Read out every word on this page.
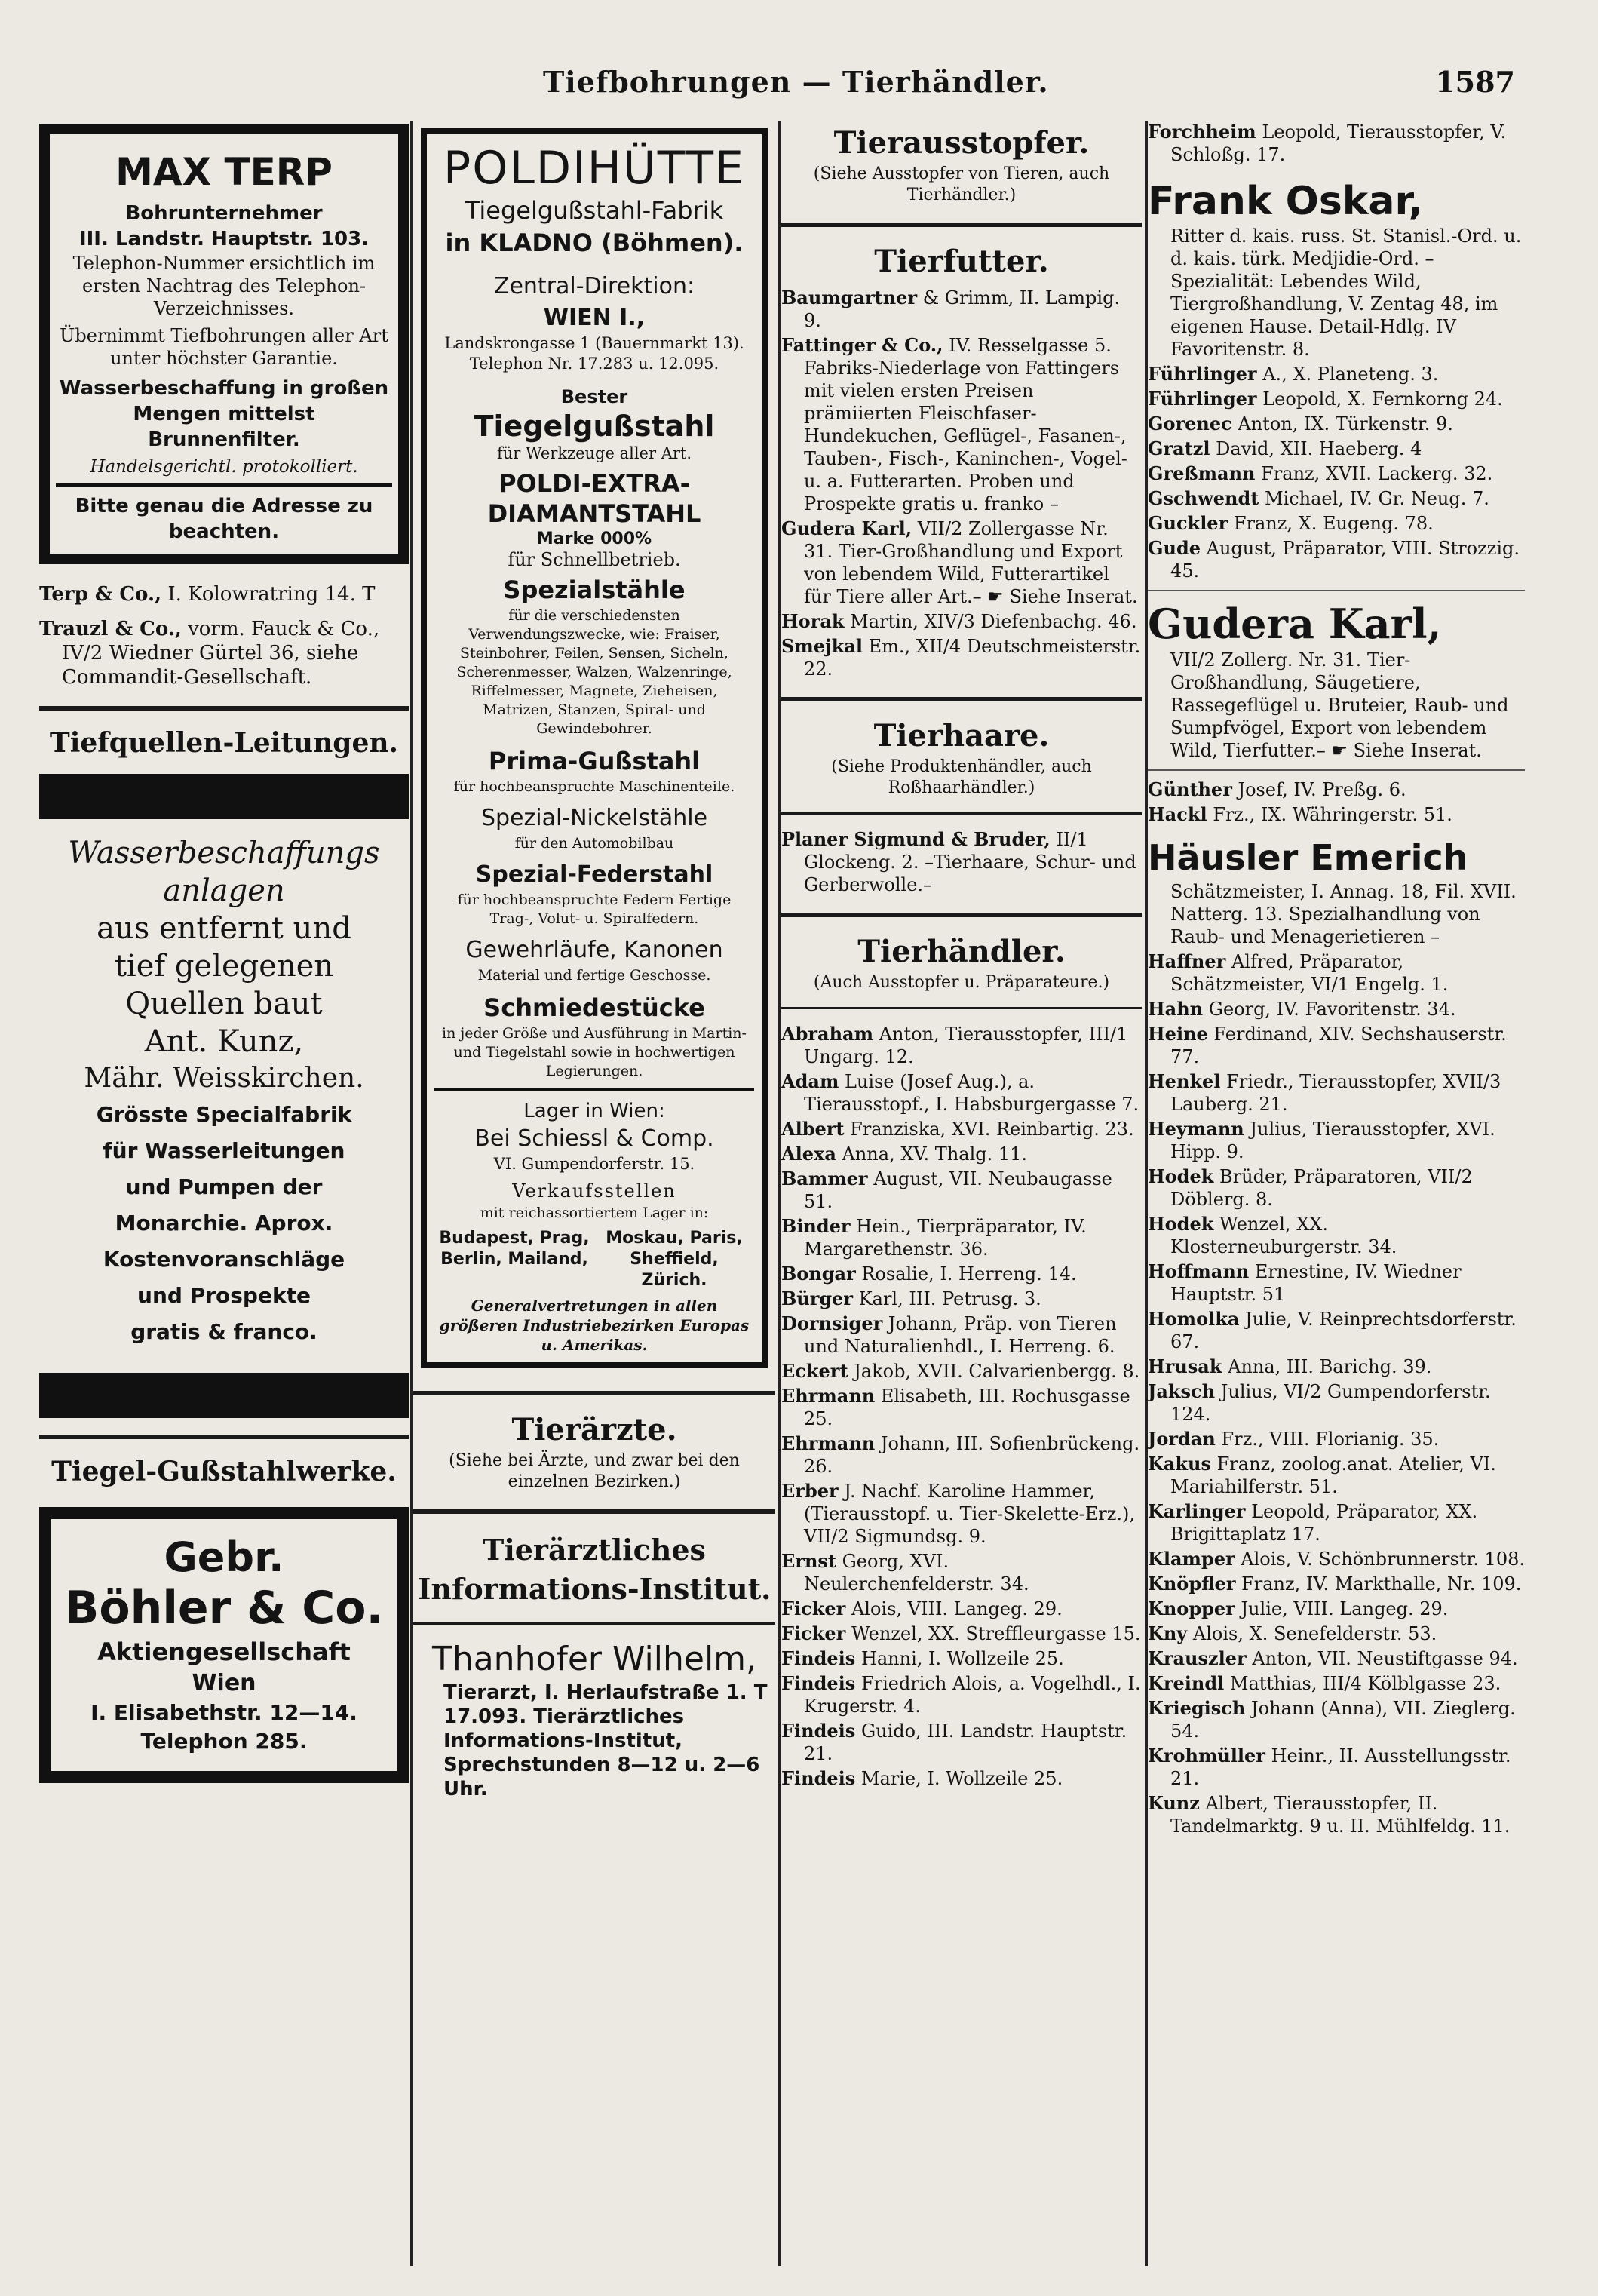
Tiefbohrungen — Tierhändler.	1587
MAX TERP
Bohrunternehmer
III. Landstr. Hauptstr. 103.
Telephon-Nummer ersichtlich im ersten Nachtrag des Telephon-Verzeichnisses.
Übernimmt Tiefbohrungen aller Art unter höchster Garantie.
Wasserbeschaffung in großen Mengen mittelst Brunnenfilter.
Handelsgerichtl. protokolliert.
Bitte genau die Adresse zu beachten.
Terp & Co., I. Kolowratring 14. T
Trauzl & Co., vorm. Fauck & Co., IV/2 Wiedner Gürtel 36, siehe Commandit-Gesellschaft.
Tiefquellen-Leitungen.
Wasserbeschaffungs anlagen
aus entfernt und
tief gelegenen
Quellen baut
Ant. Kunz,
Mähr. Weisskirchen.
Grösste Specialfabrik
für Wasserleitungen
und Pumpen der
Monarchie. Aprox.
Kostenvoranschläge
und Prospekte
gratis & franco.
Tiegel-Gußstahlwerke.
Gebr.
Böhler & Co.
Aktiengesellschaft
Wien
I. Elisabethstr. 12—14.
Telephon 285.
POLDIHÜTTE
Tiegelgußstahl-Fabrik
in KLADNO (Böhmen).
Zentral-Direktion:
WIEN I.,
Landskrongasse 1 (Bauernmarkt 13).
Telephon Nr. 17.283 u. 12.095.
Bester
Tiegelgußstahl
für Werkzeuge aller Art.
POLDI-EXTRA-
DIAMANTSTAHL
Marke 000%
für Schnellbetrieb.
Spezialstähle
für die verschiedensten Verwendungszwecke, wie: Fraiser, Steinbohrer, Feilen, Sensen, Sicheln, Scherenmesser, Walzen, Walzenringe, Riffelmesser, Magnete, Zieheisen, Matrizen, Stanzen, Spiral- und Gewindebohrer.
Prima-Gußstahl
für hochbeanspruchte Maschinenteile.
Spezial-Nickelstähle
für den Automobilbau
Spezial-Federstahl
für hochbeanspruchte Federn Fertige Trag-, Volut- u. Spiralfedern.
Gewehrläufe, Kanonen
Material und fertige Geschosse.
Schmiedestücke
in jeder Größe und Ausführung in Martin- und Tiegelstahl sowie in hochwertigen Legierungen.
Lager in Wien:
Bei Schiessl & Comp.
VI. Gumpendorferstr. 15.
Verkaufsstellen
mit reichassortiertem Lager in:
Budapest, Prag, Berlin, Mailand,
Moskau, Paris, Sheffield, Zürich.
Generalvertretungen in allen größeren Industriebezirken Europas u. Amerikas.
Tierärzte.
(Siehe bei Ärzte, und zwar bei den einzelnen Bezirken.)
Tierärztliches Informations-Institut.
Thanhofer Wilhelm,
Tierarzt, I. Herlaufstraße 1. T 17.093. Tierärztliches Informations-Institut, Sprechstunden 8—12 u. 2—6 Uhr.
Tierausstopfer.
(Siehe Ausstopfer von Tieren, auch Tierhändler.)
Tierfutter.
Baumgartner & Grimm, II. Lampig. 9.
Fattinger & Co., IV. Resselgasse 5. Fabriks-Niederlage von Fattingers mit vielen ersten Preisen prämiierten Fleischfaser-Hundekuchen, Geflügel-, Fasanen-, Tauben-, Fisch-, Kaninchen-, Vogel- u. a. Futterarten. Proben und Prospekte gratis u. franko –
Gudera Karl, VII/2 Zollergasse Nr. 31. Tier-Großhandlung und Export von lebendem Wild, Futterartikel für Tiere aller Art.– ☛ Siehe Inserat.
Horak Martin, XIV/3 Diefenbachg. 46.
Smejkal Em., XII/4 Deutschmeisterstr. 22.
Tierhaare.
(Siehe Produktenhändler, auch Roßhaarhändler.)
Planer Sigmund & Bruder, II/1 Glockeng. 2. –Tierhaare, Schur- und Gerberwolle.–
Tierhändler.
(Auch Ausstopfer u. Präparateure.)
Abraham Anton, Tierausstopfer, III/1 Ungarg. 12.
Adam Luise (Josef Aug.), a. Tierausstopf., I. Habsburgergasse 7.
Albert Franziska, XVI. Reinbartig. 23.
Alexa Anna, XV. Thalg. 11.
Bammer August, VII. Neubaugasse 51.
Binder Hein., Tierpräparator, IV. Margarethenstr. 36.
Bongar Rosalie, I. Herreng. 14.
Bürger Karl, III. Petrusg. 3.
Dornsiger Johann, Präp. von Tieren und Naturalienhdl., I. Herreng. 6.
Eckert Jakob, XVII. Calvarienbergg. 8.
Ehrmann Elisabeth, III. Rochusgasse 25.
Ehrmann Johann, III. Sofienbrückeng. 26.
Erber J. Nachf. Karoline Hammer, (Tierausstopf. u. Tier-Skelette-Erz.), VII/2 Sigmundsg. 9.
Ernst Georg, XVI. Neulerchenfelderstr. 34.
Ficker Alois, VIII. Langeg. 29.
Ficker Wenzel, XX. Streffleurgasse 15.
Findeis Hanni, I. Wollzeile 25.
Findeis Friedrich Alois, a. Vogelhdl., I. Krugerstr. 4.
Findeis Guido, III. Landstr. Hauptstr. 21.
Findeis Marie, I. Wollzeile 25.
Forchheim Leopold, Tierausstopfer, V. Schloßg. 17.
Frank Oskar,
Ritter d. kais. russ. St. Stanisl.-Ord. u. d. kais. türk. Medjidie-Ord. –Spezialität: Lebendes Wild, Tiergroßhandlung, V. Zentag 48, im eigenen Hause. Detail-Hdlg. IV Favoritenstr. 8.
Führlinger A., X. Planeteng. 3.
Führlinger Leopold, X. Fernkorng 24.
Gorenec Anton, IX. Türkenstr. 9.
Gratzl David, XII. Haeberg. 4
Greßmann Franz, XVII. Lackerg. 32.
Gschwendt Michael, IV. Gr. Neug. 7.
Guckler Franz, X. Eugeng. 78.
Gude August, Präparator, VIII. Strozzig. 45.
Gudera Karl,
VII/2 Zollerg. Nr. 31. Tier-Großhandlung, Säugetiere, Rassegeflügel u. Bruteier, Raub- und Sumpfvögel, Export von lebendem Wild, Tierfutter.– ☛ Siehe Inserat.
Günther Josef, IV. Preßg. 6.
Hackl Frz., IX. Währingerstr. 51.
Häusler Emerich
Schätzmeister, I. Annag. 18, Fil. XVII. Natterg. 13. Spezialhandlung von Raub- und Menagerietieren –
Haffner Alfred, Präparator, Schätzmeister, VI/1 Engelg. 1.
Hahn Georg, IV. Favoritenstr. 34.
Heine Ferdinand, XIV. Sechshauserstr. 77.
Henkel Friedr., Tierausstopfer, XVII/3 Lauberg. 21.
Heymann Julius, Tierausstopfer, XVI. Hipp. 9.
Hodek Brüder, Präparatoren, VII/2 Döblerg. 8.
Hodek Wenzel, XX. Klosterneuburgerstr. 34.
Hoffmann Ernestine, IV. Wiedner Hauptstr. 51
Homolka Julie, V. Reinprechtsdorferstr. 67.
Hrusak Anna, III. Barichg. 39.
Jaksch Julius, VI/2 Gumpendorferstr. 124.
Jordan Frz., VIII. Florianig. 35.
Kakus Franz, zoolog.anat. Atelier, VI. Mariahilferstr. 51.
Karlinger Leopold, Präparator, XX. Brigittaplatz 17.
Klamper Alois, V. Schönbrunnerstr. 108.
Knöpfler Franz, IV. Markthalle, Nr. 109.
Knopper Julie, VIII. Langeg. 29.
Kny Alois, X. Senefelderstr. 53.
Krauszler Anton, VII. Neustiftgasse 94.
Kreindl Matthias, III/4 Kölblgasse 23.
Kriegisch Johann (Anna), VII. Zieglerg. 54.
Krohmüller Heinr., II. Ausstellungsstr. 21.
Kunz Albert, Tierausstopfer, II. Tandelmarktg. 9 u. II. Mühlfeldg. 11.
